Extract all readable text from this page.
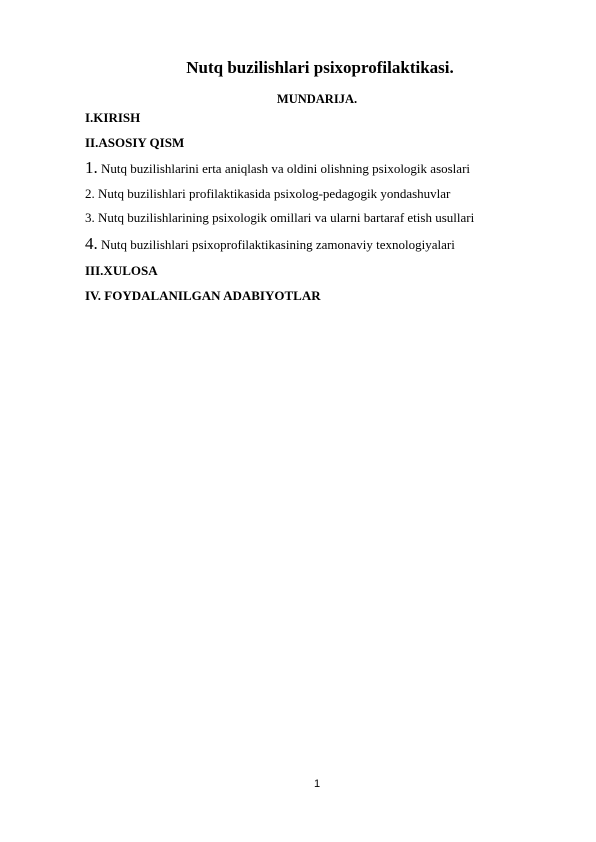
Nutq buzilishlari psixoprofilaktikasi.
MUNDARIJA.
I.KIRISH
II.ASOSIY QISM
1. Nutq buzilishlarini erta aniqlash va oldini olishning psixologik asoslari
2. Nutq buzilishlari profilaktikasida psixolog-pedagogik yondashuvlar
3. Nutq buzilishlarining psixologik omillari va ularni bartaraf etish usullari
4. Nutq buzilishlari psixoprofilaktikasining zamonaviy texnologiyalari
III.XULOSA
IV. FOYDALANILGAN ADABIYOTLAR
1
